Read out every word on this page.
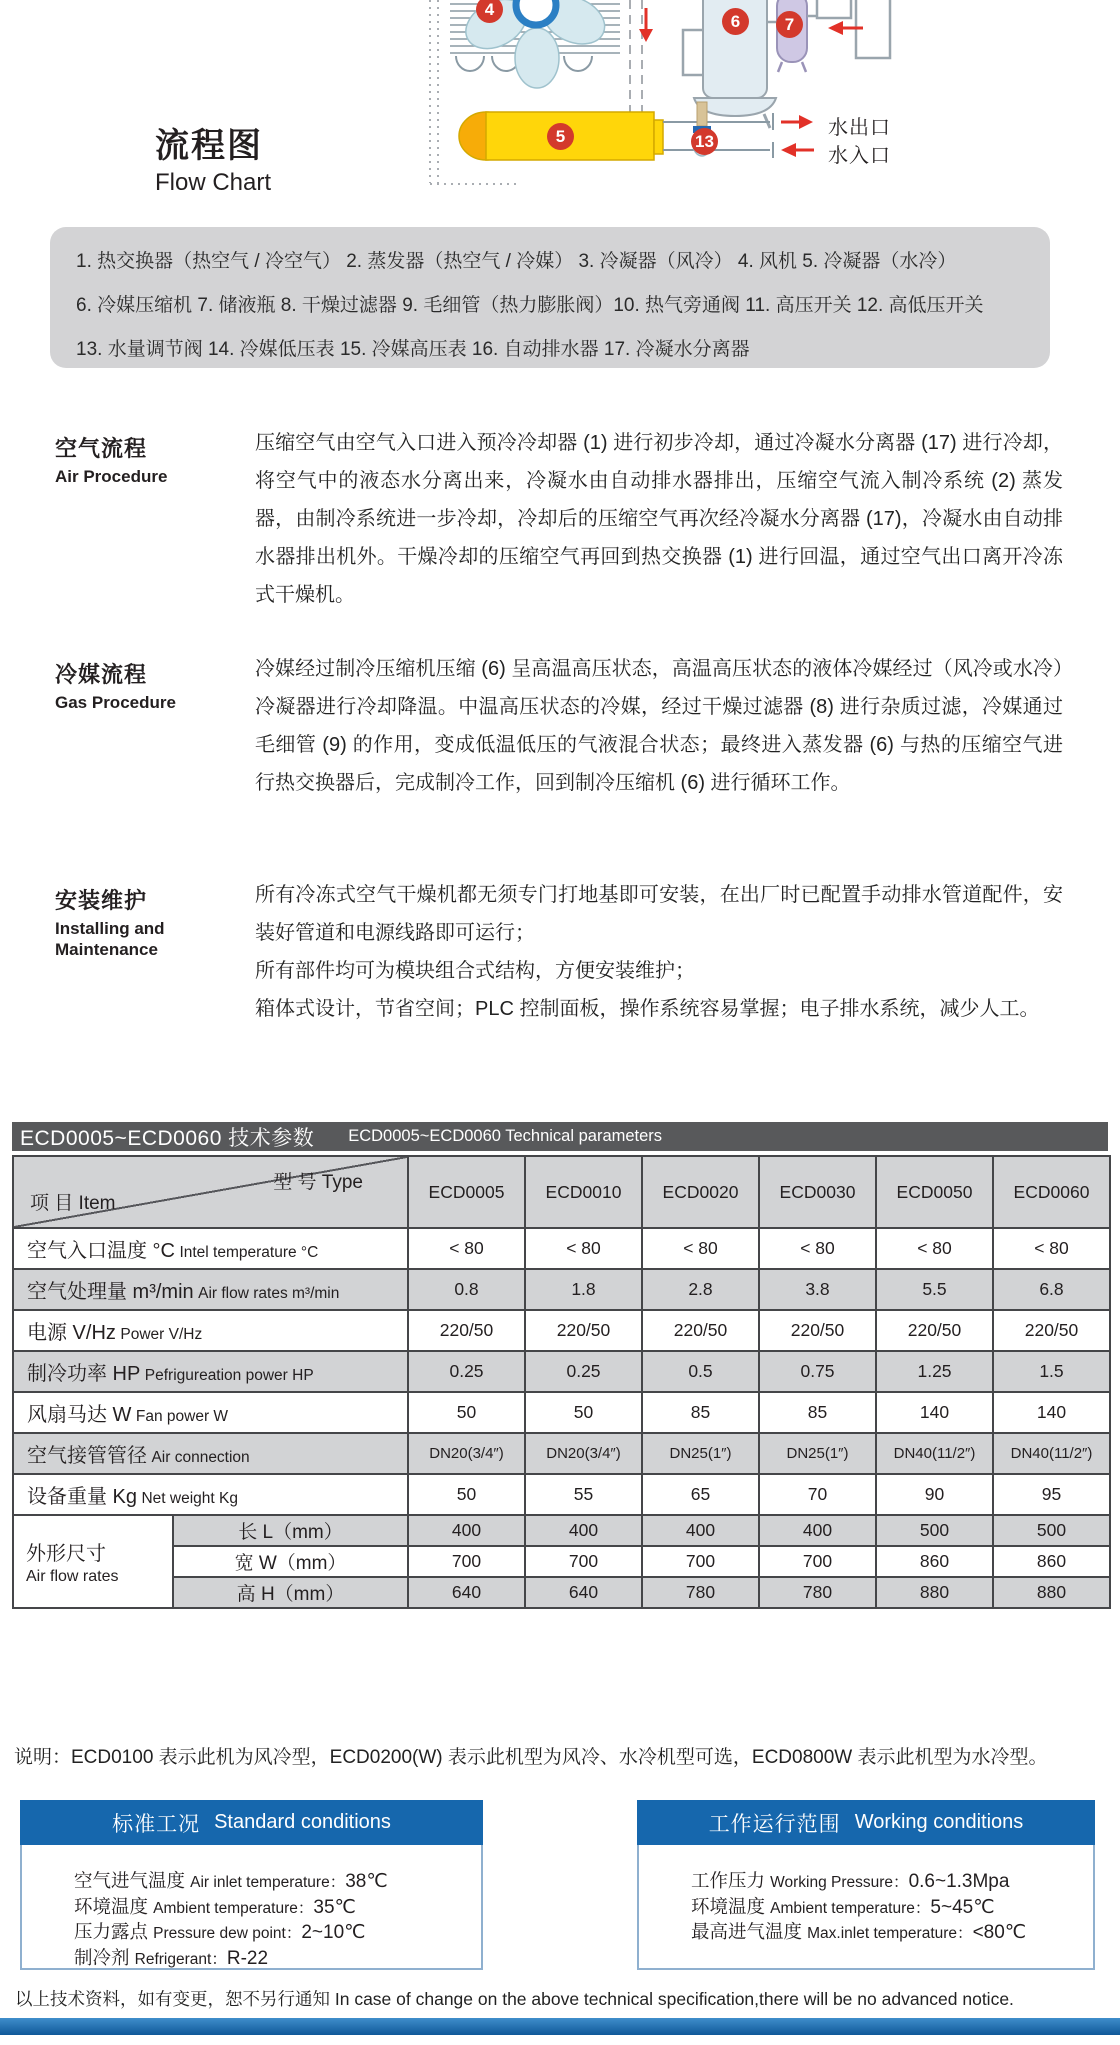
4
5
6	7
13
水出口
水入口
流程图
Flow Chart
1. 热交换器（热空气 / 冷空气） 2. 蒸发器（热空气 / 冷媒） 3. 冷凝器（风冷） 4. 风机 5. 冷凝器（水冷）
6. 冷媒压缩机 7. 储液瓶 8. 干燥过滤器 9. 毛细管（热力膨胀阀）10. 热气旁通阀 11. 高压开关 12. 高低压开关
13. 水量调节阀 14. 冷媒低压表 15. 冷媒高压表 16. 自动排水器 17. 冷凝水分离器
空气流程
Air Procedure

压缩空气由空气入口进入预冷冷却器 (1) 进行初步冷却，通过冷凝水分离器 (17) 进行冷却，将空气中的液态水分离出来，冷凝水由自动排水器排出，压缩空气流入制冷系统 (2) 蒸发器，由制冷系统进一步冷却，冷却后的压缩空气再次经冷凝水分离器 (17)，冷凝水由自动排水器排出机外。干燥冷却的压缩空气再回到热交换器 (1) 进行回温，通过空气出口离开冷冻式干燥机。

冷媒流程
Gas Procedure

冷媒经过制冷压缩机压缩 (6) 呈高温高压状态，高温高压状态的液体冷媒经过（风冷或水冷）冷凝器进行冷却降温。中温高压状态的冷媒，经过干燥过滤器 (8) 进行杂质过滤，冷媒通过毛细管 (9) 的作用，变成低温低压的气液混合状态；最终进入蒸发器 (6) 与热的压缩空气进行热交换器后，完成制冷工作，回到制冷压缩机 (6) 进行循环工作。

安装维护
Installing and Maintenance

所有冷冻式空气干燥机都无须专门打地基即可安装，在出厂时已配置手动排水管道配件，安装好管道和电源线路即可运行；

所有部件均可为模块组合式结构，方便安装维护；

箱体式设计，节省空间；PLC 控制面板，操作系统容易掌握；电子排水系统，减少人工。

ECD0005~ECD0060 技术参数 ECD0005~ECD0060 Technical parameters
型 号 Type
项 目 Item		ECD0005	ECD0010	ECD0020	ECD0030	ECD0050	ECD0060
空气入口温度 °C Intel temperature °C		< 80	< 80	< 80	< 80	< 80	< 80
空气处理量 m³/min Air flow rates m³/min		0.8	1.8	2.8	3.8	5.5	6.8
电源 V/Hz Power V/Hz		220/50	220/50	220/50	220/50	220/50	220/50
制冷功率 HP Pefrigureation power HP		0.25	0.25	0.5	0.75	1.25	1.5
风扇马达 W Fan power W		50	50	85	85	140	140
空气接管管径 Air connection		DN20(3/4″)	DN20(3/4″)	DN25(1″)	DN25(1″)	DN40(11/2″)	DN40(11/2″)
设备重量 Kg Net weight Kg		50	55	65	70	90	95

外形尺寸
Air flow rates	长 L（mm）	400	400	400	400	500	500
	宽 W（mm）	700	700	700	700	860	860
	高 H（mm）	640	640	780	780	880	880
说明：ECD0100 表示此机为风冷型，ECD0200(W) 表示此机型为风冷、水冷机型可选，ECD0800W 表示此机型为水冷型。
标准工况 Standard conditions
空气进气温度 Air inlet temperature：38℃
环境温度 Ambient temperature：35℃
压力露点 Pressure dew point：2~10℃
制冷剂 Refrigerant：R-22
工作运行范围 Working conditions
工作压力 Working Pressure：0.6~1.3Mpa
环境温度 Ambient temperature：5~45℃
最高进气温度 Max.inlet temperature：<80℃
以上技术资料，如有变更，恕不另行通知 In case of change on the above technical specification,there will be no advanced notice.
